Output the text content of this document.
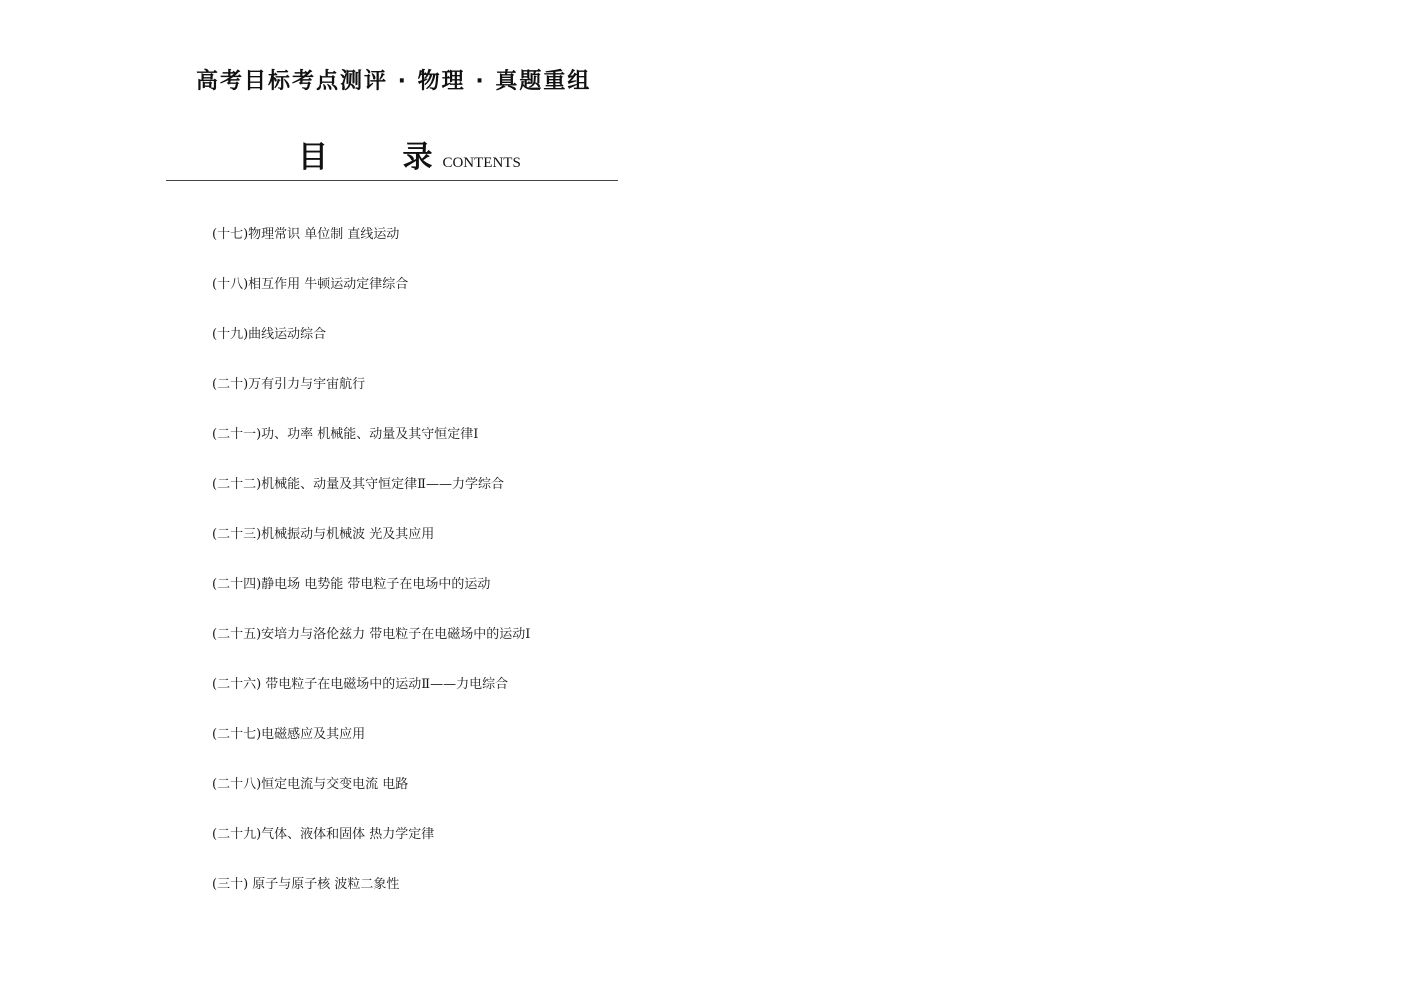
高考目标考点测评 · 物理 · 真题重组
目 录
CONTENTS
(十七)物理常识 单位制 直线运动
(十八)相互作用 牛顿运动定律综合
(十九)曲线运动综合
(二十)万有引力与宇宙航行
(二十一)功、功率 机械能、动量及其守恒定律Ⅰ
(二十二)机械能、动量及其守恒定律Ⅱ——力学综合
(二十三)机械振动与机械波 光及其应用
(二十四)静电场 电势能 带电粒子在电场中的运动
(二十五)安培力与洛伦兹力 带电粒子在电磁场中的运动Ⅰ
(二十六) 带电粒子在电磁场中的运动Ⅱ——力电综合
(二十七)电磁感应及其应用
(二十八)恒定电流与交变电流 电路
(二十九)气体、液体和固体 热力学定律
(三十) 原子与原子核 波粒二象性
